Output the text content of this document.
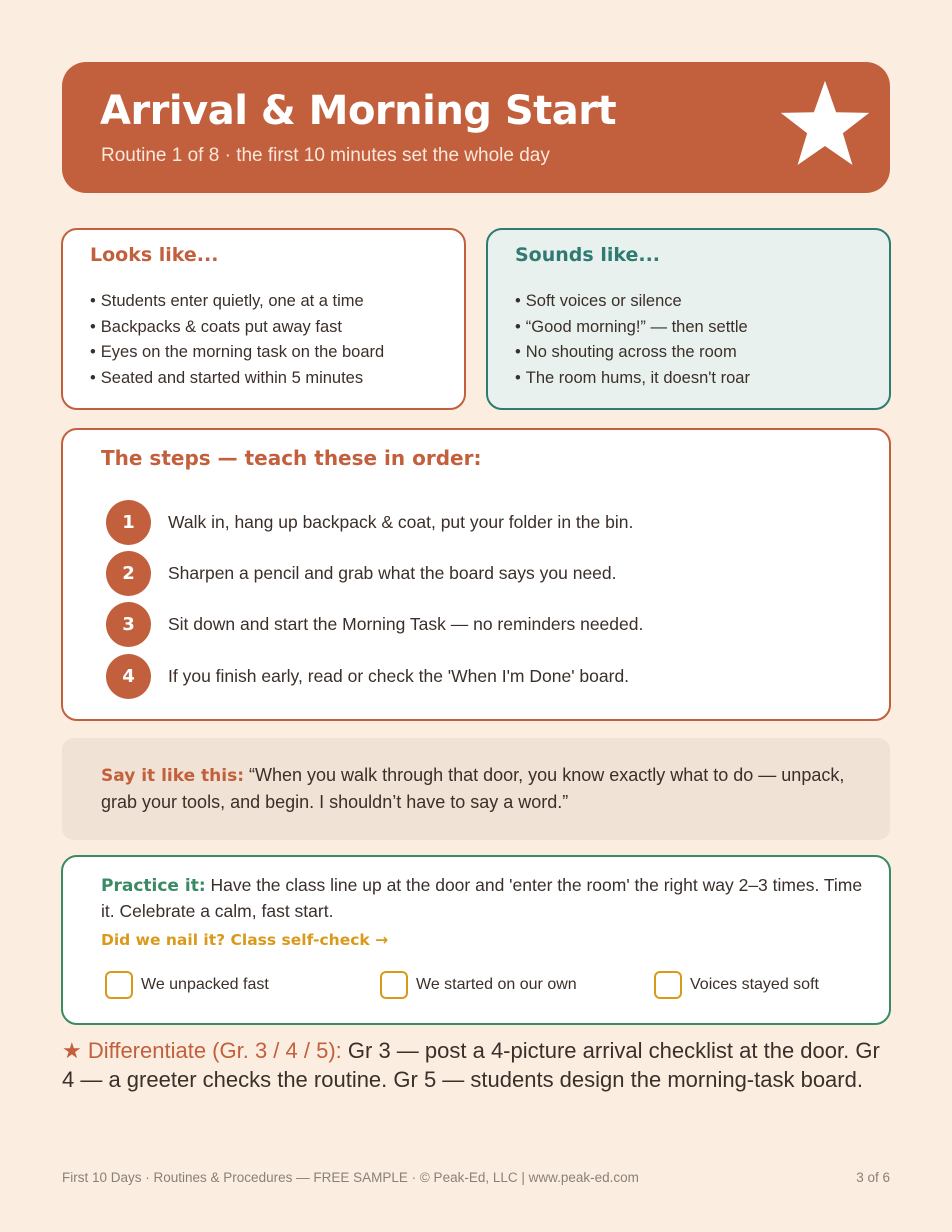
Arrival & Morning Start
Routine 1 of 8 · the first 10 minutes set the whole day
Looks like...
• Students enter quietly, one at a time
• Backpacks & coats put away fast
• Eyes on the morning task on the board
• Seated and started within 5 minutes
Sounds like...
• Soft voices or silence
• “Good morning!” — then settle
• No shouting across the room
• The room hums, it doesn't roar
The steps — teach these in order:
1	Walk in, hang up backpack & coat, put your folder in the bin.
2	Sharpen a pencil and grab what the board says you need.
3	Sit down and start the Morning Task — no reminders needed.
4	If you finish early, read or check the 'When I'm Done' board.
Say it like this: “When you walk through that door, you know exactly what to do — unpack, grab your tools, and begin. I shouldn’t have to say a word.”
Practice it: Have the class line up at the door and 'enter the room' the right way 2–3 times. Time it. Celebrate a calm, fast start.
Did we nail it? Class self-check →
We unpacked fast	We started on our own	Voices stayed soft
★ Differentiate (Gr. 3 / 4 / 5): Gr 3 — post a 4-picture arrival checklist at the door. Gr 4 — a greeter checks the routine. Gr 5 — students design the morning-task board.
First 10 Days · Routines & Procedures — FREE SAMPLE · © Peak-Ed, LLC | www.peak-ed.com	3 of 6
